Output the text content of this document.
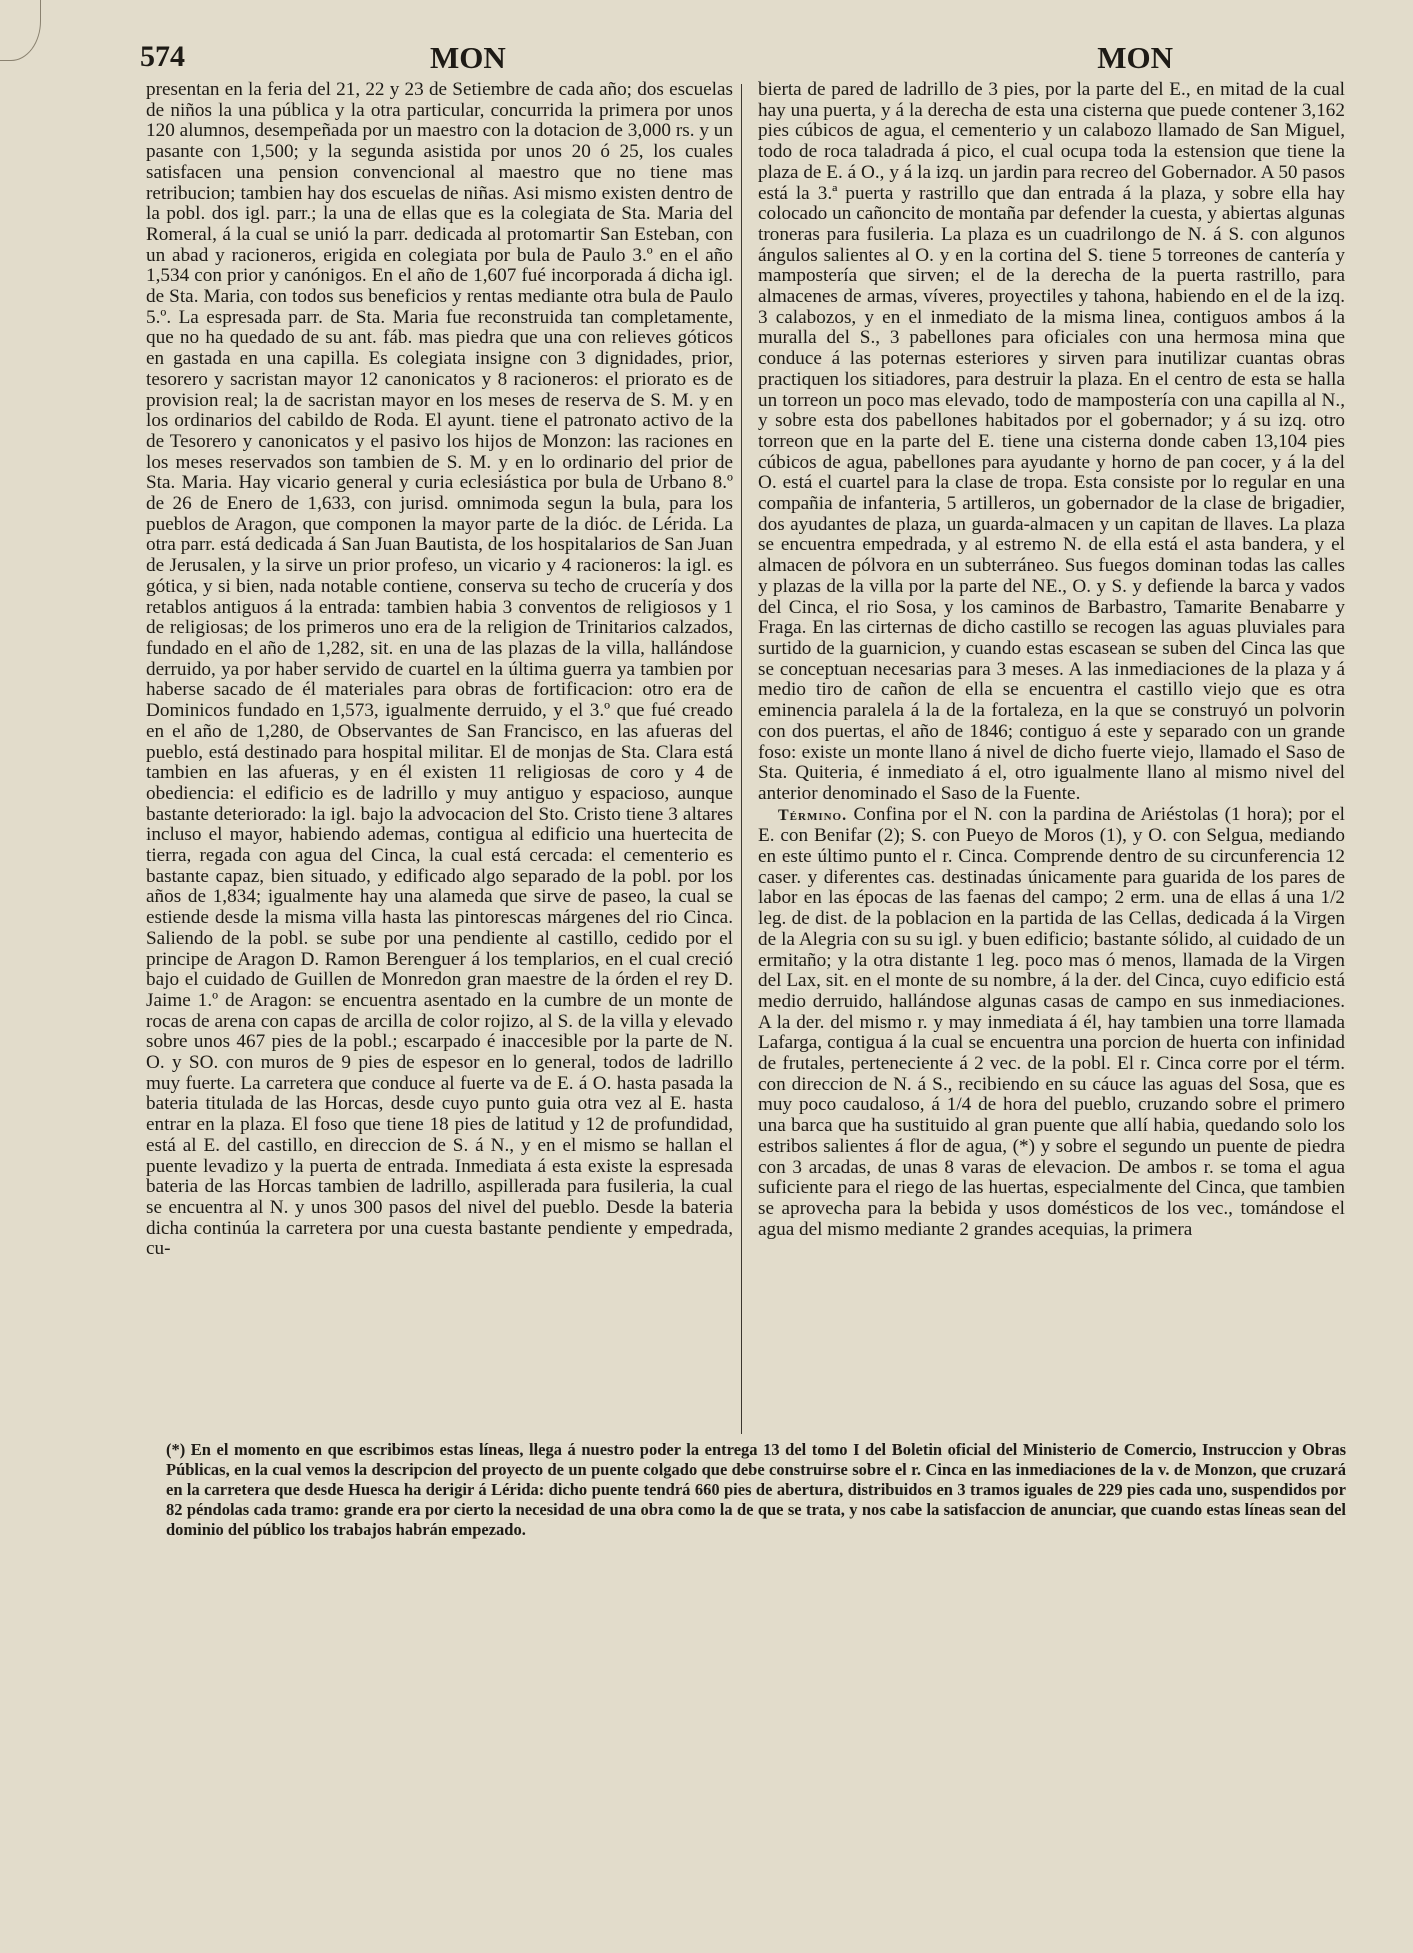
574	MON	MON

presentan en la feria del 21, 22 y 23 de Setiembre de cada año; dos escuelas de niños la una pública y la otra particular, concurrida la primera por unos 120 alumnos, desempeñada por un maestro con la dotacion de 3,000 rs. y un pasante con 1,500; y la segunda asistida por unos 20 ó 25, los cuales satisfacen una pension convencional al maestro que no tiene mas retribucion; tambien hay dos escuelas de niñas. Asi mismo existen dentro de la pobl. dos igl. parr.; la una de ellas que es la colegiata de Sta. Maria del Romeral, á la cual se unió la parr. dedicada al protomartir San Esteban, con un abad y racioneros, erigida en colegiata por bula de Paulo 3.º en el año 1,534 con prior y canónigos. En el año de 1,607 fué incorporada á dicha igl. de Sta. Maria, con todos sus beneficios y rentas mediante otra bula de Paulo 5.º. La espresada parr. de Sta. Maria fue reconstruida tan completamente, que no ha quedado de su ant. fáb. mas piedra que una con relieves góticos en gastada en una capilla. Es colegiata insigne con 3 dignidades, prior, tesorero y sacristan mayor 12 canonicatos y 8 racioneros: el priorato es de provision real; la de sacristan mayor en los meses de reserva de S. M. y en los ordinarios del cabildo de Roda. El ayunt. tiene el patronato activo de la de Tesorero y canonicatos y el pasivo los hijos de Monzon: las raciones en los meses reservados son tambien de S. M. y en lo ordinario del prior de Sta. Maria. Hay vicario general y curia eclesiástica por bula de Urbano 8.º de 26 de Enero de 1,633, con jurisd. omnimoda segun la bula, para los pueblos de Aragon, que componen la mayor parte de la dióc. de Lérida. La otra parr. está dedicada á San Juan Bautista, de los hospitalarios de San Juan de Jerusalen, y la sirve un prior profeso, un vicario y 4 racioneros: la igl. es gótica, y si bien, nada notable contiene, conserva su techo de crucería y dos retablos antiguos á la entrada: tambien habia 3 conventos de religiosos y 1 de religiosas; de los primeros uno era de la religion de Trinitarios calzados, fundado en el año de 1,282, sit. en una de las plazas de la villa, hallándose derruido, ya por haber servido de cuartel en la última guerra ya tambien por haberse sacado de él materiales para obras de fortificacion: otro era de Dominicos fundado en 1,573, igualmente derruido, y el 3.º que fué creado en el año de 1,280, de Observantes de San Francisco, en las afueras del pueblo, está destinado para hospital militar. El de monjas de Sta. Clara está tambien en las afueras, y en él existen 11 religiosas de coro y 4 de obediencia: el edificio es de ladrillo y muy antiguo y espacioso, aunque bastante deteriorado: la igl. bajo la advocacion del Sto. Cristo tiene 3 altares incluso el mayor, habiendo ademas, contigua al edificio una huertecita de tierra, regada con agua del Cinca, la cual está cercada: el cementerio es bastante capaz, bien situado, y edificado algo separado de la pobl. por los años de 1,834; igualmente hay una alameda que sirve de paseo, la cual se estiende desde la misma villa hasta las pintorescas márgenes del rio Cinca. Saliendo de la pobl. se sube por una pendiente al castillo, cedido por el principe de Aragon D. Ramon Berenguer á los templarios, en el cual creció bajo el cuidado de Guillen de Monredon gran maestre de la órden el rey D. Jaime 1.º de Aragon: se encuentra asentado en la cumbre de un monte de rocas de arena con capas de arcilla de color rojizo, al S. de la villa y elevado sobre unos 467 pies de la pobl.; escarpado é inaccesible por la parte de N. O. y SO. con muros de 9 pies de espesor en lo general, todos de ladrillo muy fuerte. La carretera que conduce al fuerte va de E. á O. hasta pasada la bateria titulada de las Horcas, desde cuyo punto guia otra vez al E. hasta entrar en la plaza. El foso que tiene 18 pies de latitud y 12 de profundidad, está al E. del castillo, en direccion de S. á N., y en el mismo se hallan el puente levadizo y la puerta de entrada. Inmediata á esta existe la espresada bateria de las Horcas tambien de ladrillo, aspillerada para fusileria, la cual se encuentra al N. y unos 300 pasos del nivel del pueblo. Desde la bateria dicha continúa la carretera por una cuesta bastante pendiente y empedrada, cu-

bierta de pared de ladrillo de 3 pies, por la parte del E., en mitad de la cual hay una puerta, y á la derecha de esta una cisterna que puede contener 3,162 pies cúbicos de agua, el cementerio y un calabozo llamado de San Miguel, todo de roca taladrada á pico, el cual ocupa toda la estension que tiene la plaza de E. á O., y á la izq. un jardin para recreo del Gobernador. A 50 pasos está la 3.ª puerta y rastrillo que dan entrada á la plaza, y sobre ella hay colocado un cañoncito de montaña par defender la cuesta, y abiertas algunas troneras para fusileria. La plaza es un cuadrilongo de N. á S. con algunos ángulos salientes al O. y en la cortina del S. tiene 5 torreones de cantería y mampostería que sirven; el de la derecha de la puerta rastrillo, para almacenes de armas, víveres, proyectiles y tahona, habiendo en el de la izq. 3 calabozos, y en el inmediato de la misma linea, contiguos ambos á la muralla del S., 3 pabellones para oficiales con una hermosa mina que conduce á las poternas esteriores y sirven para inutilizar cuantas obras practiquen los sitiadores, para destruir la plaza. En el centro de esta se halla un torreon un poco mas elevado, todo de mampostería con una capilla al N., y sobre esta dos pabellones habitados por el gobernador; y á su izq. otro torreon que en la parte del E. tiene una cisterna donde caben 13,104 pies cúbicos de agua, pabellones para ayudante y horno de pan cocer, y á la del O. está el cuartel para la clase de tropa. Esta consiste por lo regular en una compañia de infanteria, 5 artilleros, un gobernador de la clase de brigadier, dos ayudantes de plaza, un guarda-almacen y un capitan de llaves. La plaza se encuentra empedrada, y al estremo N. de ella está el asta bandera, y el almacen de pólvora en un subterráneo. Sus fuegos dominan todas las calles y plazas de la villa por la parte del NE., O. y S. y defiende la barca y vados del Cinca, el rio Sosa, y los caminos de Barbastro, Tamarite Benabarre y Fraga. En las cirternas de dicho castillo se recogen las aguas pluviales para surtido de la guarnicion, y cuando estas escasean se suben del Cinca las que se conceptuan necesarias para 3 meses. A las inmediaciones de la plaza y á medio tiro de cañon de ella se encuentra el castillo viejo que es otra eminencia paralela á la de la fortaleza, en la que se construyó un polvorin con dos puertas, el año de 1846; contiguo á este y separado con un grande foso: existe un monte llano á nivel de dicho fuerte viejo, llamado el Saso de Sta. Quiteria, é inmediato á el, otro igualmente llano al mismo nivel del anterior denominado el Saso de la Fuente.

Término. Confina por el N. con la pardina de Ariéstolas (1 hora); por el E. con Benifar (2); S. con Pueyo de Moros (1), y O. con Selgua, mediando en este último punto el r. Cinca. Comprende dentro de su circunferencia 12 caser. y diferentes cas. destinadas únicamente para guarida de los pares de labor en las épocas de las faenas del campo; 2 erm. una de ellas á una 1/2 leg. de dist. de la poblacion en la partida de las Cellas, dedicada á la Virgen de la Alegria con su su igl. y buen edificio; bastante sólido, al cuidado de un ermitaño; y la otra distante 1 leg. poco mas ó menos, llamada de la Virgen del Lax, sit. en el monte de su nombre, á la der. del Cinca, cuyo edificio está medio derruido, hallándose algunas casas de campo en sus inmediaciones. A la der. del mismo r. y may inmediata á él, hay tambien una torre llamada Lafarga, contigua á la cual se encuentra una porcion de huerta con infinidad de frutales, perteneciente á 2 vec. de la pobl. El r. Cinca corre por el térm. con direccion de N. á S., recibiendo en su cáuce las aguas del Sosa, que es muy poco caudaloso, á 1/4 de hora del pueblo, cruzando sobre el primero una barca que ha sustituido al gran puente que allí habia, quedando solo los estribos salientes á flor de agua, (*) y sobre el segundo un puente de piedra con 3 arcadas, de unas 8 varas de elevacion. De ambos r. se toma el agua suficiente para el riego de las huertas, especialmente del Cinca, que tambien se aprovecha para la bebida y usos domésticos de los vec., tomándose el agua del mismo mediante 2 grandes acequias, la primera

(*) En el momento en que escribimos estas líneas, llega á nuestro poder la entrega 13 del tomo I del Boletin oficial del Ministerio de Comercio, Instruccion y Obras Públicas, en la cual vemos la descripcion del proyecto de un puente colgado que debe construirse sobre el r. Cinca en las inmediaciones de la v. de Monzon, que cruzará en la carretera que desde Huesca ha derigir á Lérida: dicho puente tendrá 660 pies de abertura, distribuidos en 3 tramos iguales de 229 pies cada uno, suspendidos por 82 péndolas cada tramo: grande era por cierto la necesidad de una obra como la de que se trata, y nos cabe la satisfaccion de anunciar, que cuando estas líneas sean del dominio del público los trabajos habrán empezado.
